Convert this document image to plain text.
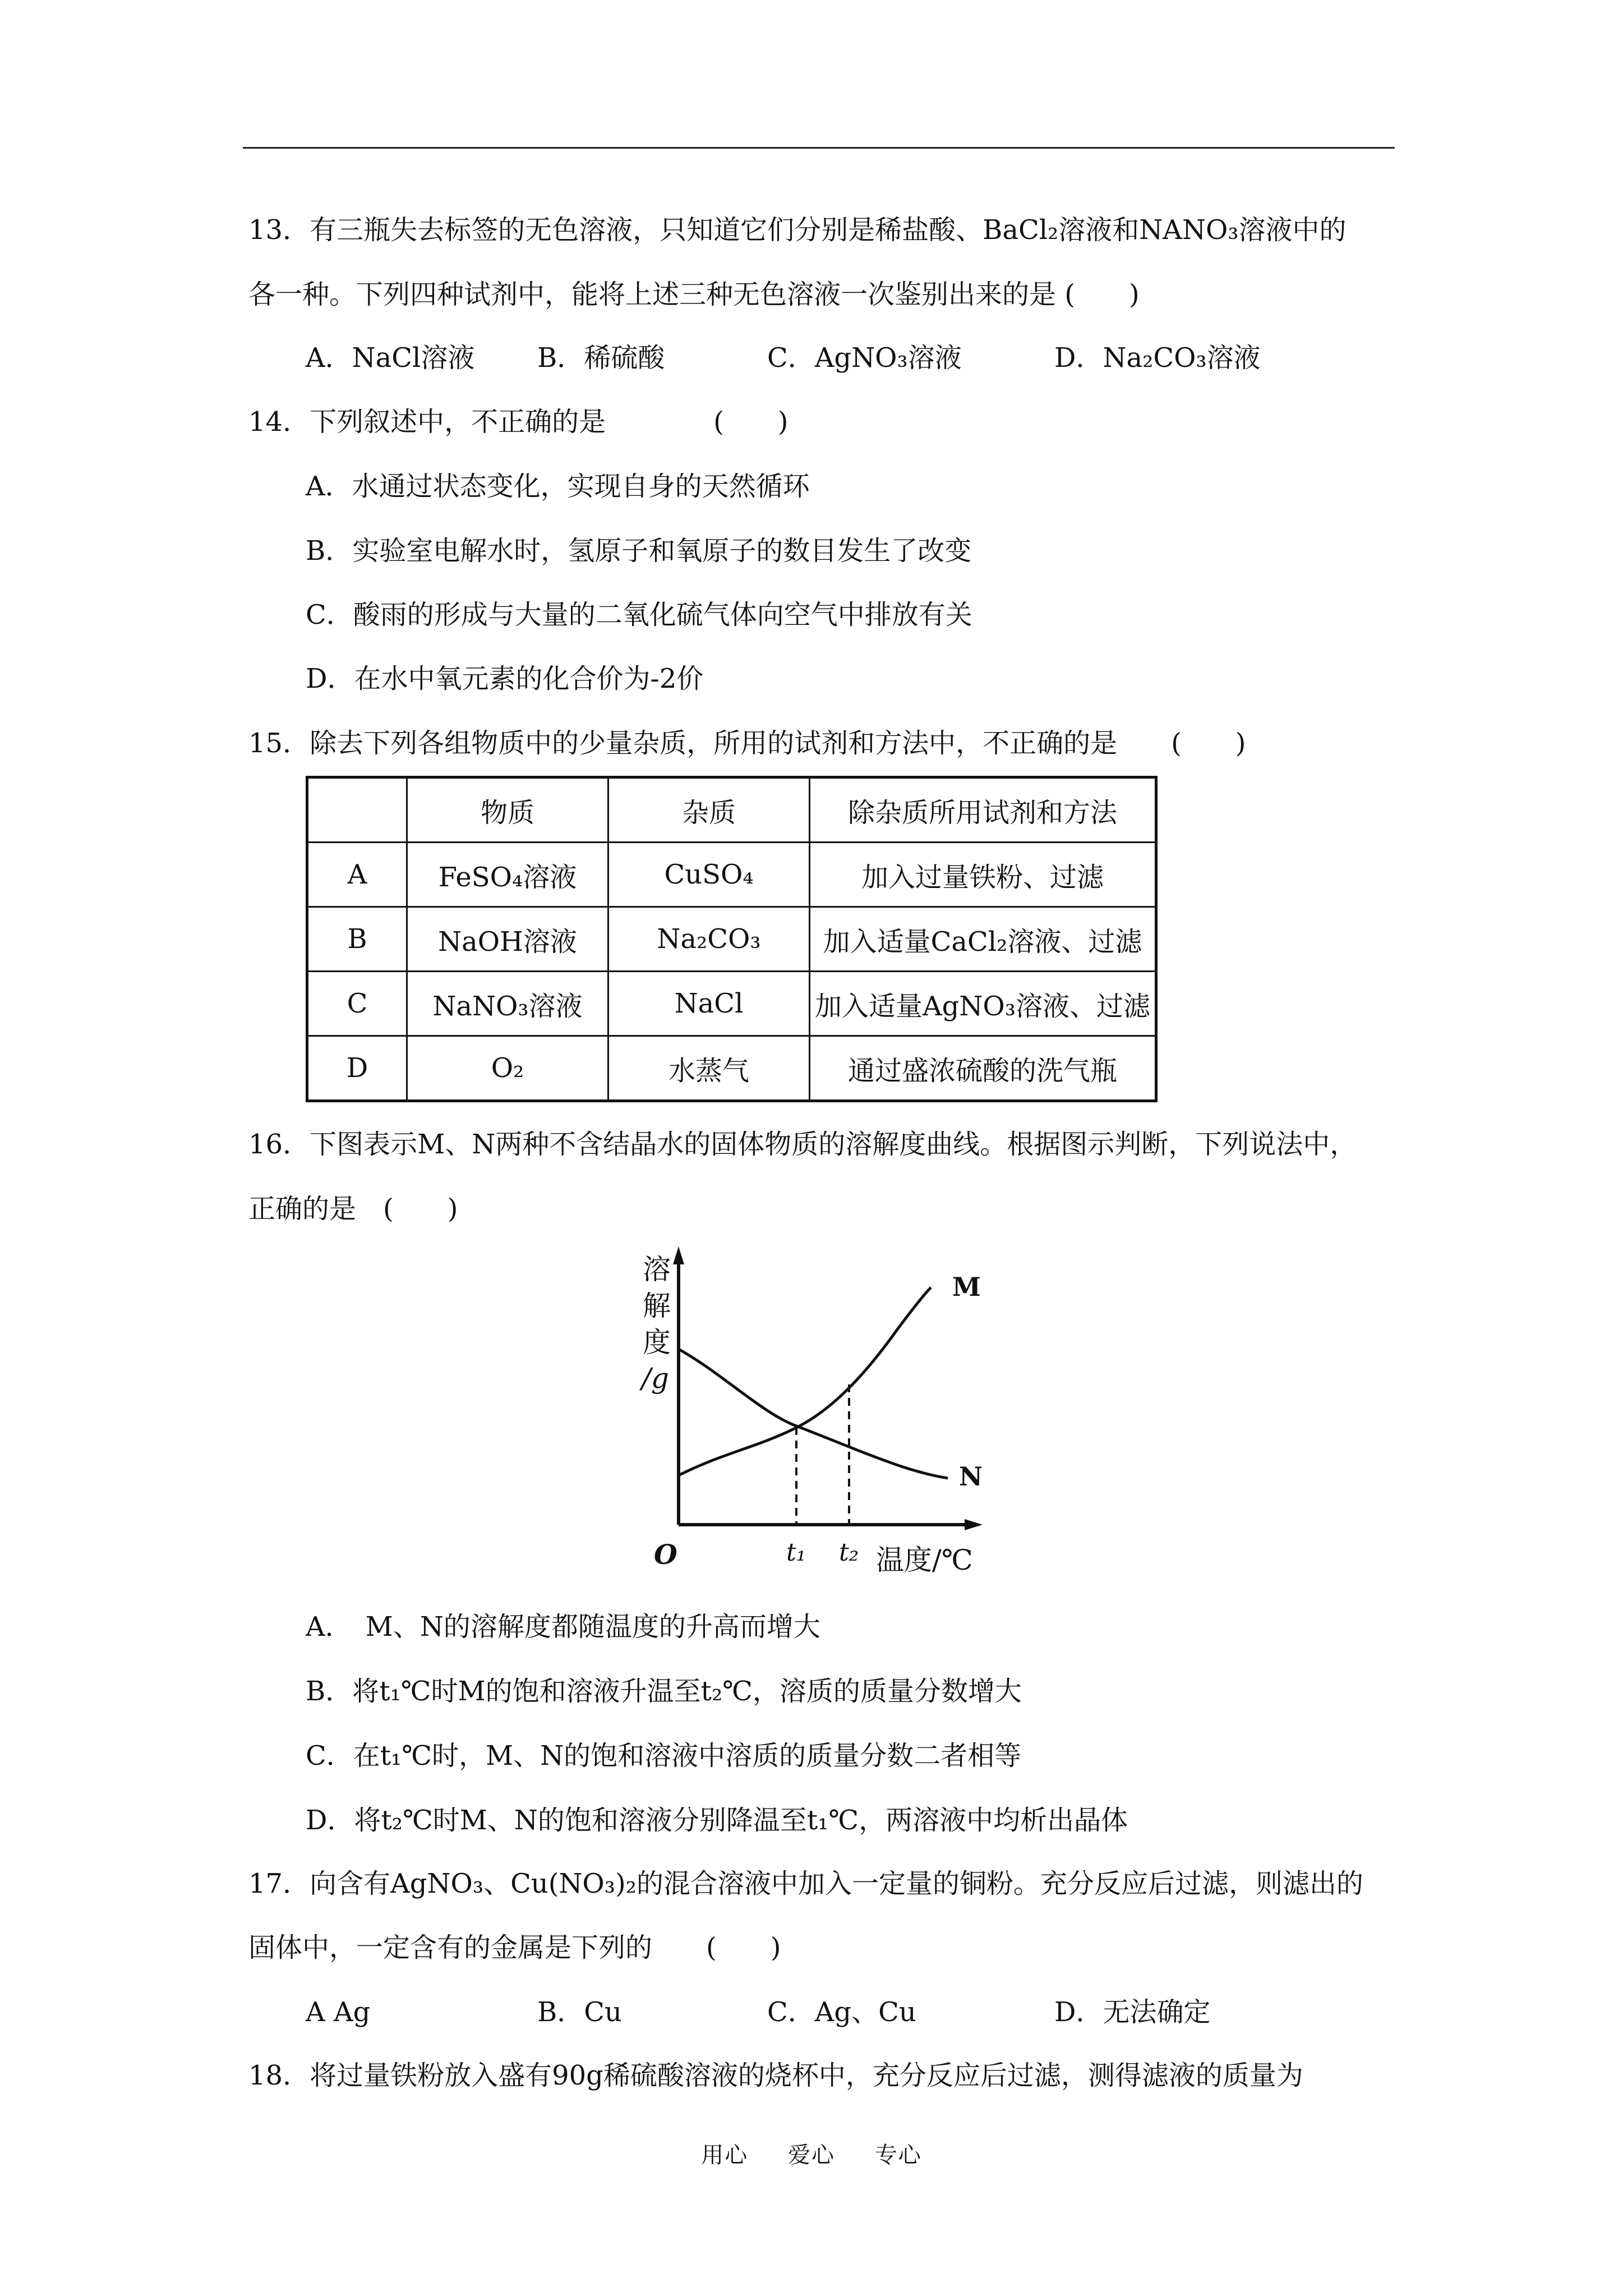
13．有三瓶失去标签的无色溶液，只知道它们分别是稀盐酸、BaCl₂溶液和NANO₃溶液中的
各一种。下列四种试剂中，能将上述三种无色溶液一次鉴别出来的是 (　　)
A．NaCl溶液 B．稀硫酸	C．AgNO₃溶液	D．Na₂CO₃溶液
14．下列叙述中，不正确的是　　　　(　　)
A．水通过状态变化，实现自身的天然循环
B．实验室电解水时，氢原子和氧原子的数目发生了改变
C．酸雨的形成与大量的二氧化硫气体向空气中排放有关
D．在水中氧元素的化合价为-2价
15．除去下列各组物质中的少量杂质，所用的试剂和方法中，不正确的是　　(　　)
	物质	杂质	除杂质所用试剂和方法
A	FeSO₄溶液	CuSO₄	加入过量铁粉、过滤
B	NaOH溶液	Na₂CO₃	加入适量CaCl₂溶液、过滤
C	NaNO₃溶液	NaCl	加入适量AgNO₃溶液、过滤
D	O₂	水蒸气	通过盛浓硫酸的洗气瓶
16．下图表示M、N两种不含结晶水的固体物质的溶解度曲线。根据图示判断，下列说法中，
正确的是　(　　)
溶
解
度
/g
M
N
O	t₁ t₂ 温度/℃
A．　M、N的溶解度都随温度的升高而增大
B．将t₁℃时M的饱和溶液升温至t₂℃，溶质的质量分数增大
C．在t₁℃时，M、N的饱和溶液中溶质的质量分数二者相等
D．将t₂℃时M、N的饱和溶液分别降温至t₁℃，两溶液中均析出晶体
17．向含有AgNO₃、Cu(NO₃)₂的混合溶液中加入一定量的铜粉。充分反应后过滤，则滤出的
固体中，一定含有的金属是下列的　　(　　)
A Ag	B．Cu	C．Ag、Cu	D．无法确定
18．将过量铁粉放入盛有90g稀硫酸溶液的烧杯中，充分反应后过滤，测得滤液的质量为
用心 爱心 专心
